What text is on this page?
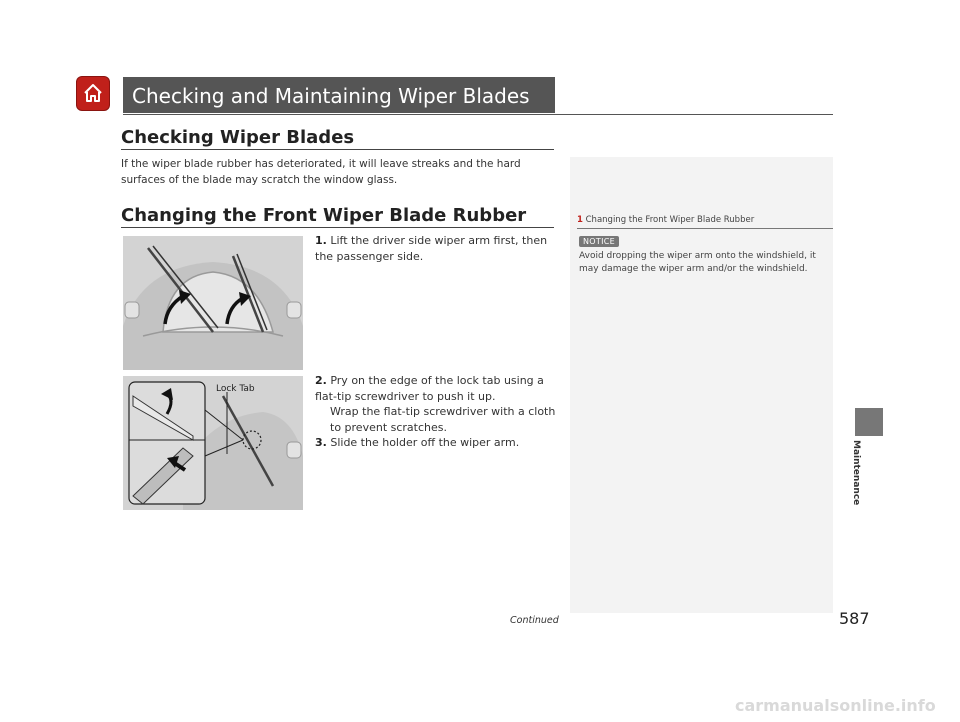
Checking and Maintaining Wiper Blades
Checking Wiper Blades
If the wiper blade rubber has deteriorated, it will leave streaks and the hard surfaces of the blade may scratch the window glass.
Changing the Front Wiper Blade Rubber
Lock Tab
1. Lift the driver side wiper arm first, then the passenger side.
2. Pry on the edge of the lock tab using a flat-tip screwdriver to push it up.
Wrap the flat-tip screwdriver with a cloth to prevent scratches.
3. Slide the holder off the wiper arm.
1 Changing the Front Wiper Blade Rubber
NOTICE
Avoid dropping the wiper arm onto the windshield, it may damage the wiper arm and/or the windshield.
Maintenance
Continued	587
carmanualsonline.info
